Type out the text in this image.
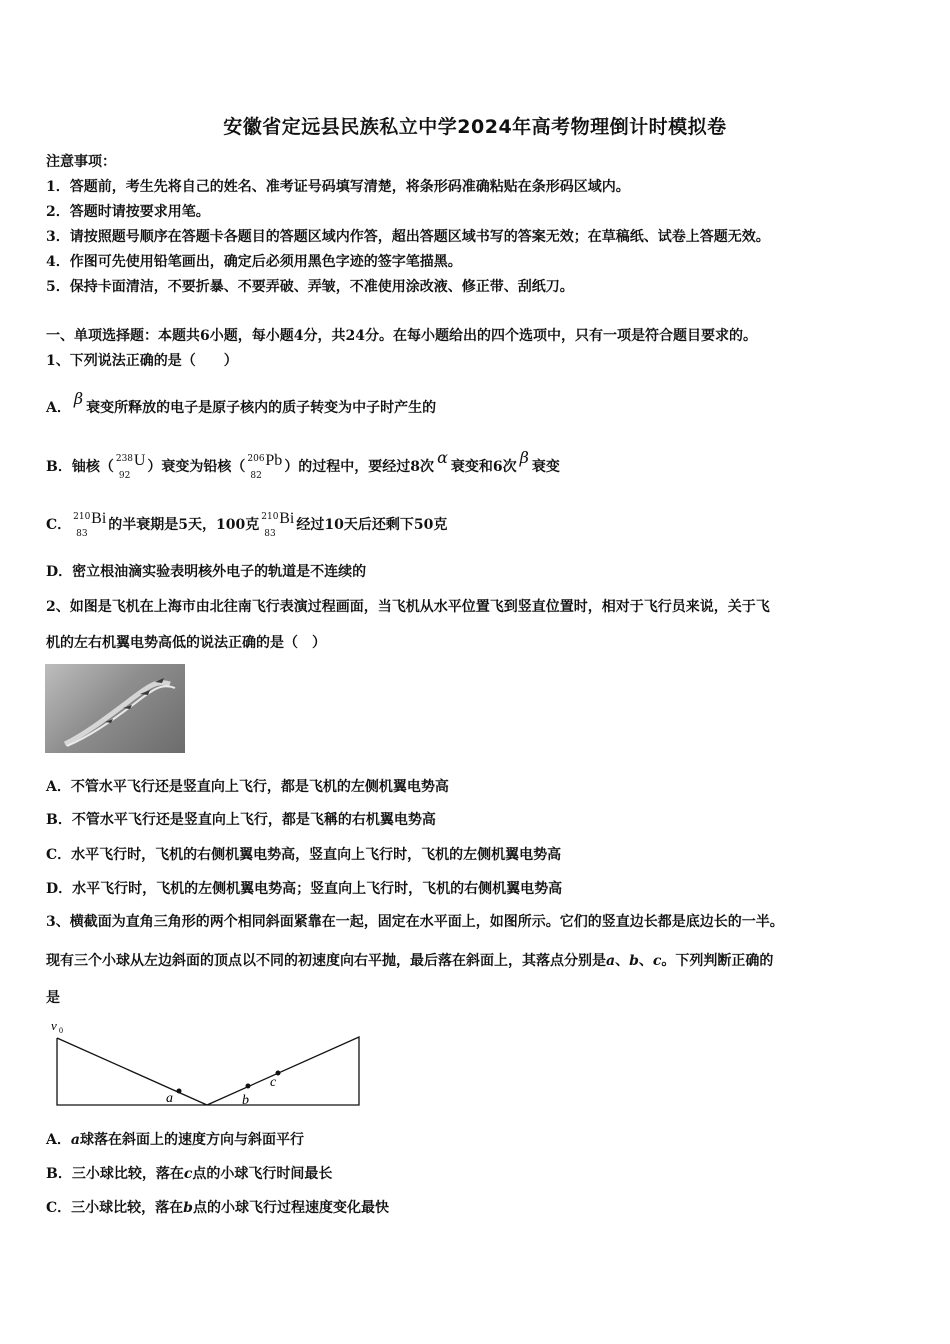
安徽省定远县民族私立中学2024年高考物理倒计时模拟卷
注意事项：
1．答题前，考生先将自己的姓名、准考证号码填写清楚，将条形码准确粘贴在条形码区域内。
2．答题时请按要求用笔。
3．请按照题号顺序在答题卡各题目的答题区域内作答，超出答题区域书写的答案无效；在草稿纸、试卷上答题无效。
4．作图可先使用铅笔画出，确定后必须用黑色字迹的签字笔描黑。
5．保持卡面清洁，不要折暴、不要弄破、弄皱，不准使用涂改液、修正带、刮纸刀。
一、单项选择题：本题共6小题，每小题4分，共24分。在每小题给出的四个选项中，只有一项是符合题目要求的。
1、下列说法正确的是（　　）
A． β 衰变所释放的电子是原子核内的质子转变为中子时产生的
B．铀核（ 238
92
U ）衰变为铅核（ 206
82
Pb ）的过程中，要经过8次 α 衰变和6次 β 衰变
C． 210
83
Bi 的半衰期是5天，100克 210
83
Bi 经过10天后还剩下50克
D．密立根油滴实验表明核外电子的轨道是不连续的
2、如图是飞机在上海市由北往南飞行表演过程画面，当飞机从水平位置飞到竖直位置时，相对于飞行员来说，关于飞
机的左右机翼电势高低的说法正确的是（　）
A．不管水平飞行还是竖直向上飞行，都是飞机的左侧机翼电势高
B．不管水平飞行还是竖直向上飞行，都是飞稱的右机翼电势高
C．水平飞行时，飞机的右侧机翼电势高，竖直向上飞行时，飞机的左侧机翼电势高
D．水平飞行时，飞机的左侧机翼电势高；竖直向上飞行时，飞机的右侧机翼电势高
3、横截面为直角三角形的两个相同斜面紧靠在一起，固定在水平面上，如图所示。它们的竖直边长都是底边长的一半。
现有三个小球从左边斜面的顶点以不同的初速度向右平抛，最后落在斜面上，其落点分别是a、b、c。下列判断正确的
是
v 0
a	b
c
A．a球落在斜面上的速度方向与斜面平行
B．三小球比较，落在c点的小球飞行时间最长
C．三小球比较，落在b点的小球飞行过程速度变化最快
